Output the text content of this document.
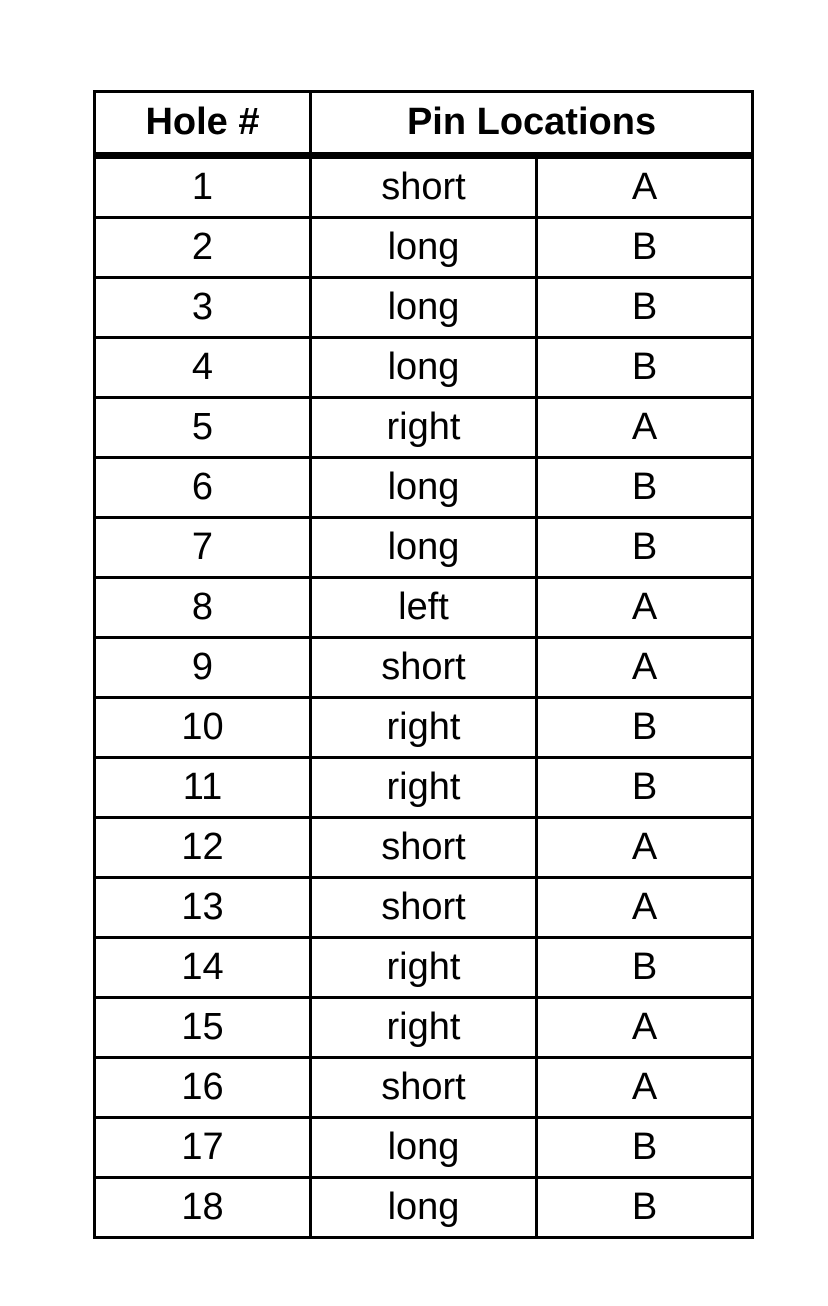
Hole #	Pin Locations	
1	short	A
2	long	B
3	long	B
4	long	B
5	right	A
6	long	B
7	long	B
8	left	A
9	short	A
10	right	B
11	right	B
12	short	A
13	short	A
14	right	B
15	right	A
16	short	A
17	long	B
18	long	B
